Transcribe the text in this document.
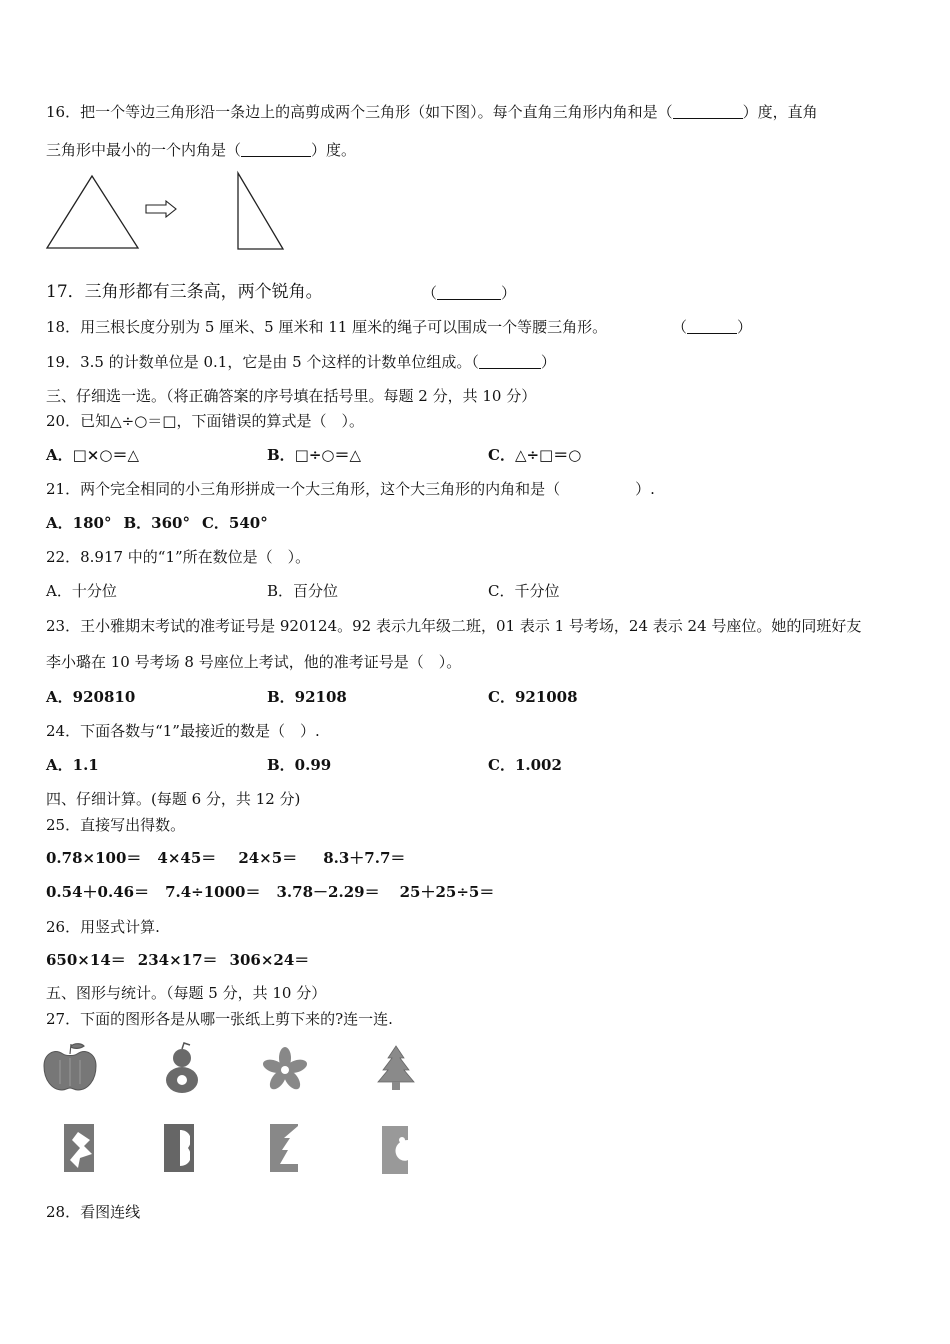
16．把一个等边三角形沿一条边上的高剪成两个三角形（如下图）。每个直角三角形内角和是（	）度，直角
三角形中最小的一个内角是（	）度。
17．三角形都有三条高，两个锐角。	（	）
18．用三根长度分别为 5 厘米、5 厘米和 11 厘米的绳子可以围成一个等腰三角形。	（	）
19．3.5 的计数单位是 0.1，它是由 5 个这样的计数单位组成。（	）
三、仔细选一选。（将正确答案的序号填在括号里。每题 2 分，共 10 分）
20．已知△÷○＝□，下面错误的算式是（　）。
A．□×○＝△	B．□÷○＝△	C．△÷□＝○
21．两个完全相同的小三角形拼成一个大三角形，这个大三角形的内角和是（　　　　　）.
A．180° B．360° C．540°
22．8.917 中的“1”所在数位是（　）。
A．十分位	B．百分位	C．千分位
23．王小雅期末考试的准考证号是 920124。92 表示九年级二班，01 表示 1 号考场，24 表示 24 号座位。她的同班好友
李小璐在 10 号考场 8 号座位上考试，他的准考证号是（　）。
A．920810	B．92108	C．921008
24．下面各数与“1”最接近的数是（　）.
A．1.1	B．0.99	C．1.002
四、仔细计算。(每题 6 分，共 12 分)
25．直接写出得数。
0.78×100＝ 4×45＝ 24×5＝ 8.3＋7.7＝
0.54＋0.46＝ 7.4÷1000＝ 3.78－2.29＝ 25＋25÷5＝
26．用竖式计算.
650×14＝ 234×17＝ 306×24＝
五、图形与统计。（每题 5 分，共 10 分）
27．下面的图形各是从哪一张纸上剪下来的?连一连.
28．看图连线
